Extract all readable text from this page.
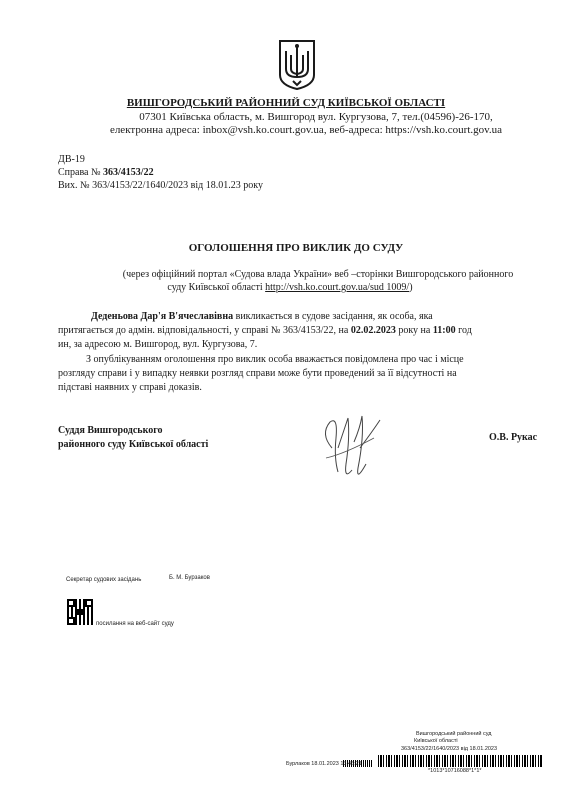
ВИШГОРОДСЬКИЙ РАЙОННИЙ СУД КИЇВСЬКОЇ ОБЛАСТІ
07301 Київська область, м. Вишгород вул. Кургузова, 7, тел.(04596)-26-170,
електронна адреса: inbox@vsh.ko.court.gov.ua, веб-адреса: https://vsh.ko.court.gov.ua
ДВ-19
Справа № 363/4153/22
Вих. № 363/4153/22/1640/2023 від 18.01.23 року
ОГОЛОШЕННЯ ПРО ВИКЛИК ДО СУДУ
(через офіційний портал «Судова влада України» веб –сторінки Вишгородського районного
суду Київської області http://vsh.ko.court.gov.ua/sud 1009/)
Деденьова Дар'я В'ячеславівна викликається в судове засідання, як особа, яка
притягається до адмін. відповідальності, у справі № 363/4153/22, на 02.02.2023 року на 11:00 год
ин, за адресою м. Вишгород, вул. Кургузова, 7.
З опублікуванням оголошення про виклик особа вважається повідомлена про час і місце
розгляду справи і у випадку неявки розгляд справи може бути проведений за її відсутності на
підставі наявних у справі доказів.
Суддя Вишгородського
районного суду Київської області
О.В. Рукас
Секретар судових засідань	Б. М. Бурзаков
посилання на веб-сайт суду
Вишгородський районний суд
Київської області
363/4153/22/1640/2023 від 18.01.2023
Бурлаков 18.01.2023 13:46:21
*1013*10716088*1*1*
